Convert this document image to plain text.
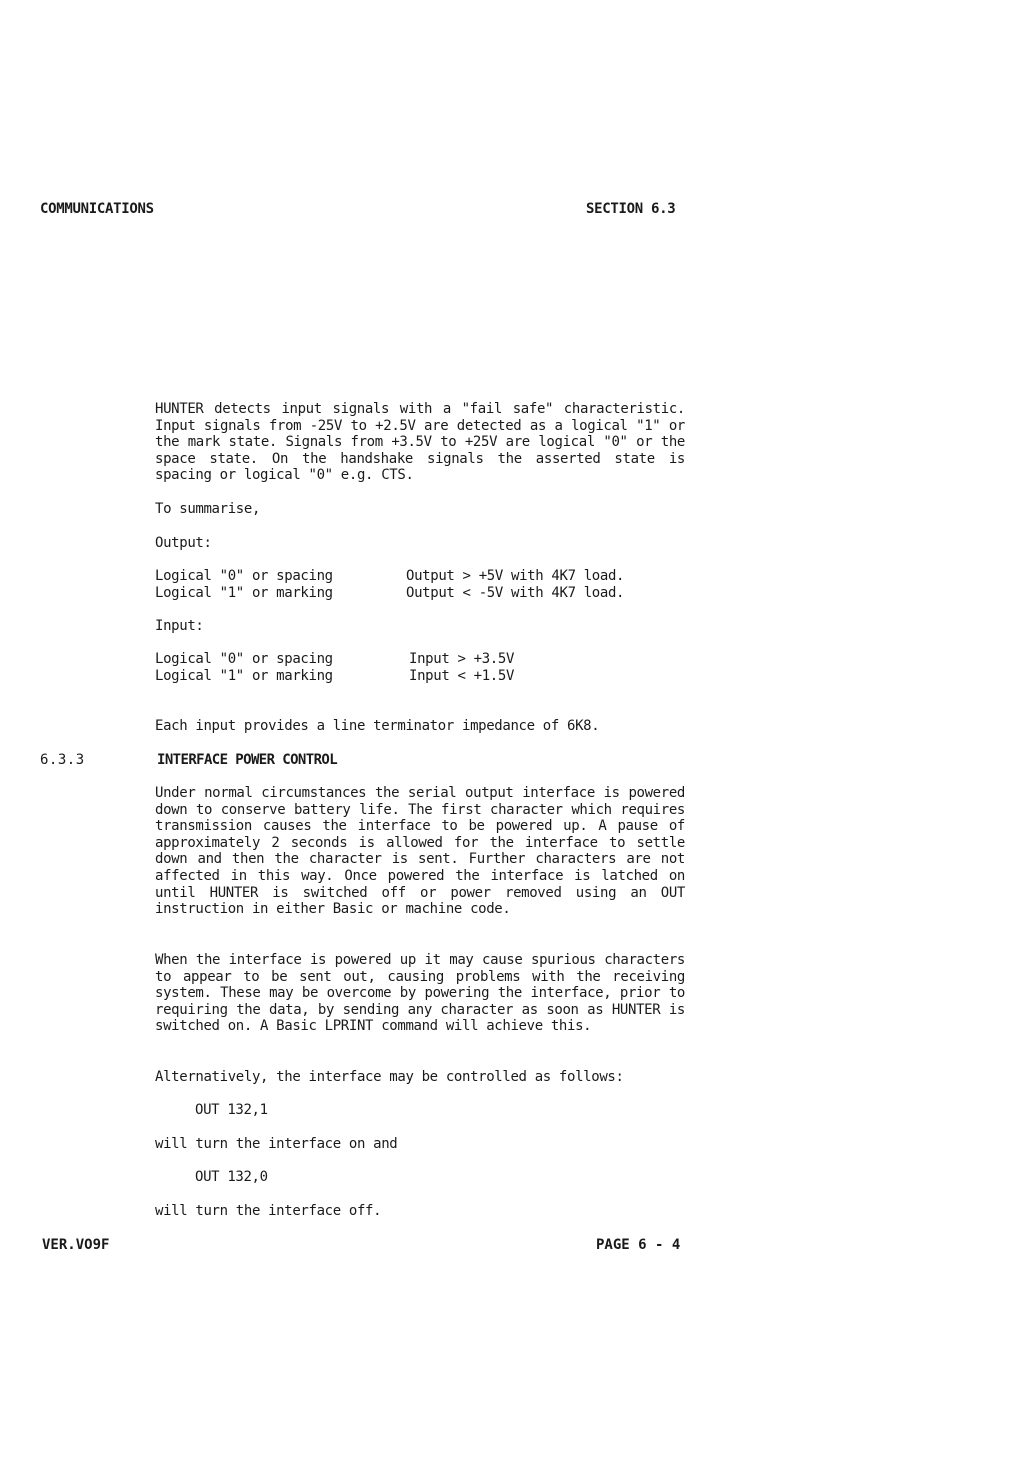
COMMUNICATIONS	SECTION 6.3

HUNTER detects input signals with a "fail safe" characteristic. Input signals from -25V to +2.5V are detected as a logical "1" or the mark state. Signals from +3.5V to +25V are logical "0" or the space state. On the handshake signals the asserted state is spacing or logical "0" e.g. CTS.

To summarise,
Output:
Logical "0" or spacing	Output > +5V with 4K7 load.
Logical "1" or marking	Output < -5V with 4K7 load.
Input:
Logical "0" or spacing	Input > +3.5V
Logical "1" or marking	Input < +1.5V
Each input provides a line terminator impedance of 6K8.
6.3.3	INTERFACE POWER CONTROL

Under normal circumstances the serial output interface is powered down to conserve battery life. The first character which requires transmission causes the interface to be powered up. A pause of approximately 2 seconds is allowed for the interface to settle down and then the character is sent. Further characters are not affected in this way. Once powered the interface is latched on until HUNTER is switched off or power removed using an OUT instruction in either Basic or machine code.

When the interface is powered up it may cause spurious characters to appear to be sent out, causing problems with the receiving system. These may be overcome by powering the interface, prior to requiring the data, by sending any character as soon as HUNTER is switched on. A Basic LPRINT command will achieve this.

Alternatively, the interface may be controlled as follows:
OUT 132,1
will turn the interface on and
OUT 132,0
will turn the interface off.
VER.VO9F	PAGE 6 - 4
